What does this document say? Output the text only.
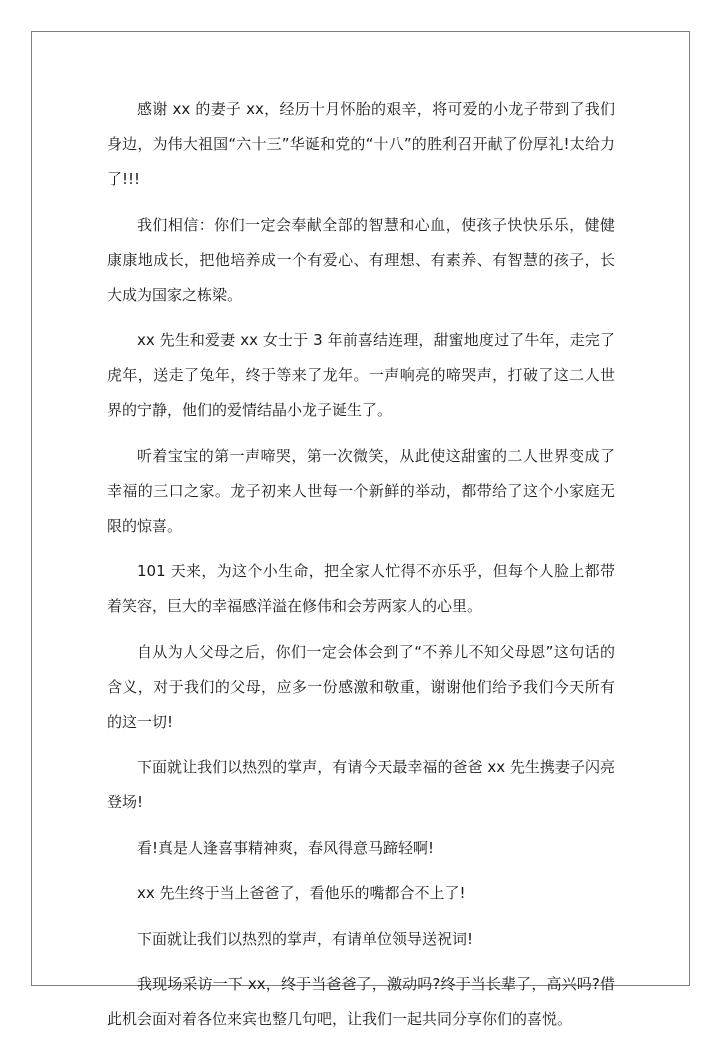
感谢 xx 的妻子 xx，经历十月怀胎的艰辛，将可爱的小龙子带到了我们身边，为伟大祖国“六十三”华诞和党的“十八”的胜利召开献了份厚礼!太给力了!!!

我们相信：你们一定会奉献全部的智慧和心血，使孩子快快乐乐，健健康康地成长，把他培养成一个有爱心、有理想、有素养、有智慧的孩子，长大成为国家之栋梁。

xx 先生和爱妻 xx 女士于 3 年前喜结连理，甜蜜地度过了牛年，走完了虎年，送走了兔年，终于等来了龙年。一声响亮的啼哭声，打破了这二人世界的宁静，他们的爱情结晶小龙子诞生了。

听着宝宝的第一声啼哭，第一次微笑，从此使这甜蜜的二人世界变成了幸福的三口之家。龙子初来人世每一个新鲜的举动，都带给了这个小家庭无限的惊喜。

101 天来，为这个小生命，把全家人忙得不亦乐乎，但每个人脸上都带着笑容，巨大的幸福感洋溢在修伟和会芳两家人的心里。

自从为人父母之后，你们一定会体会到了“不养儿不知父母恩”这句话的含义，对于我们的父母，应多一份感激和敬重，谢谢他们给予我们今天所有的这一切!

下面就让我们以热烈的掌声，有请今天最幸福的爸爸 xx 先生携妻子闪亮登场!

看!真是人逢喜事精神爽，春风得意马蹄轻啊!

xx 先生终于当上爸爸了，看他乐的嘴都合不上了!

下面就让我们以热烈的掌声，有请单位领导送祝词!

我现场采访一下 xx，终于当爸爸了，激动吗?终于当长辈了，高兴吗?借此机会面对着各位来宾也整几句吧，让我们一起共同分享你们的喜悦。
